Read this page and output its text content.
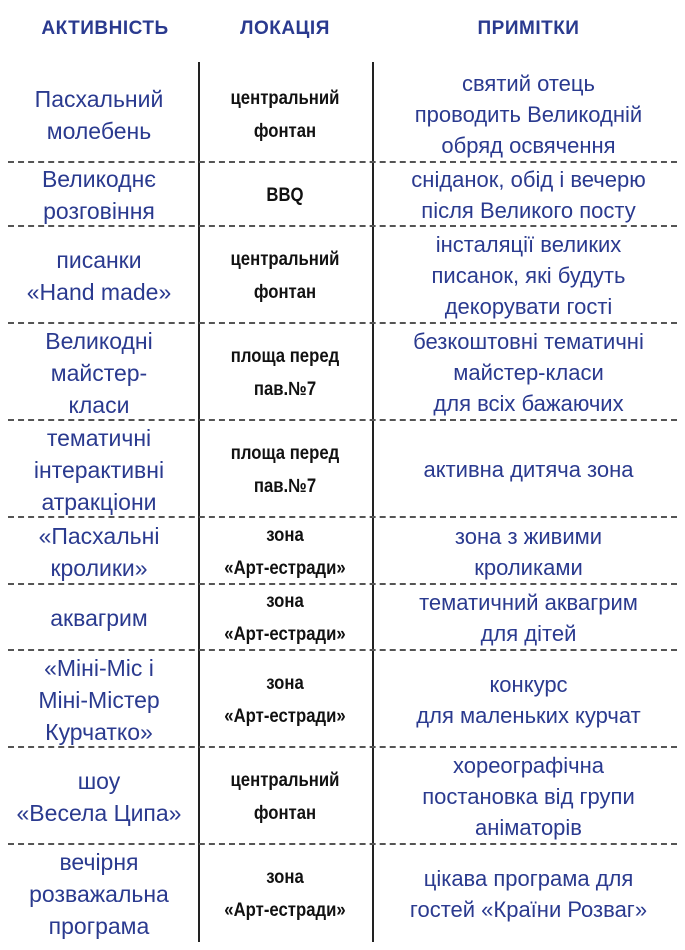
АКТИВНІСТЬ	ЛОКАЦІЯ	ПРИМІТКИ
Пасхальний
молебень
центральний
фонтан
святий отець
проводить Великодній
обряд освячення
Великоднє
розговіння
BBQ
сніданок, обід і вечерю
після Великого посту
писанки
«Hand made»
центральний
фонтан
інсталяції великих
писанок, які будуть
декорувати гості
Великодні
майстер-
класи
площа перед
пав.№7
безкоштовні тематичні
майстер-класи
для всіх бажаючих
тематичні
інтерактивні
атракціони
площа перед
пав.№7
активна дитяча зона
«Пасхальні
кролики»
зона
«Арт-естради»
зона з живими
кроликами
аквагрим
зона
«Арт-естради»
тематичний аквагрим
для дітей
«Міні-Міс і
Міні-Містер
Курчатко»
зона
«Арт-естради»
конкурс
для маленьких курчат
шоу
«Весела Ципа»
центральний
фонтан
хореографічна
постановка від групи
аніматорів
вечірня
розважальна
програма
зона
«Арт-естради»
цікава програма для
гостей «Країни Розваг»
